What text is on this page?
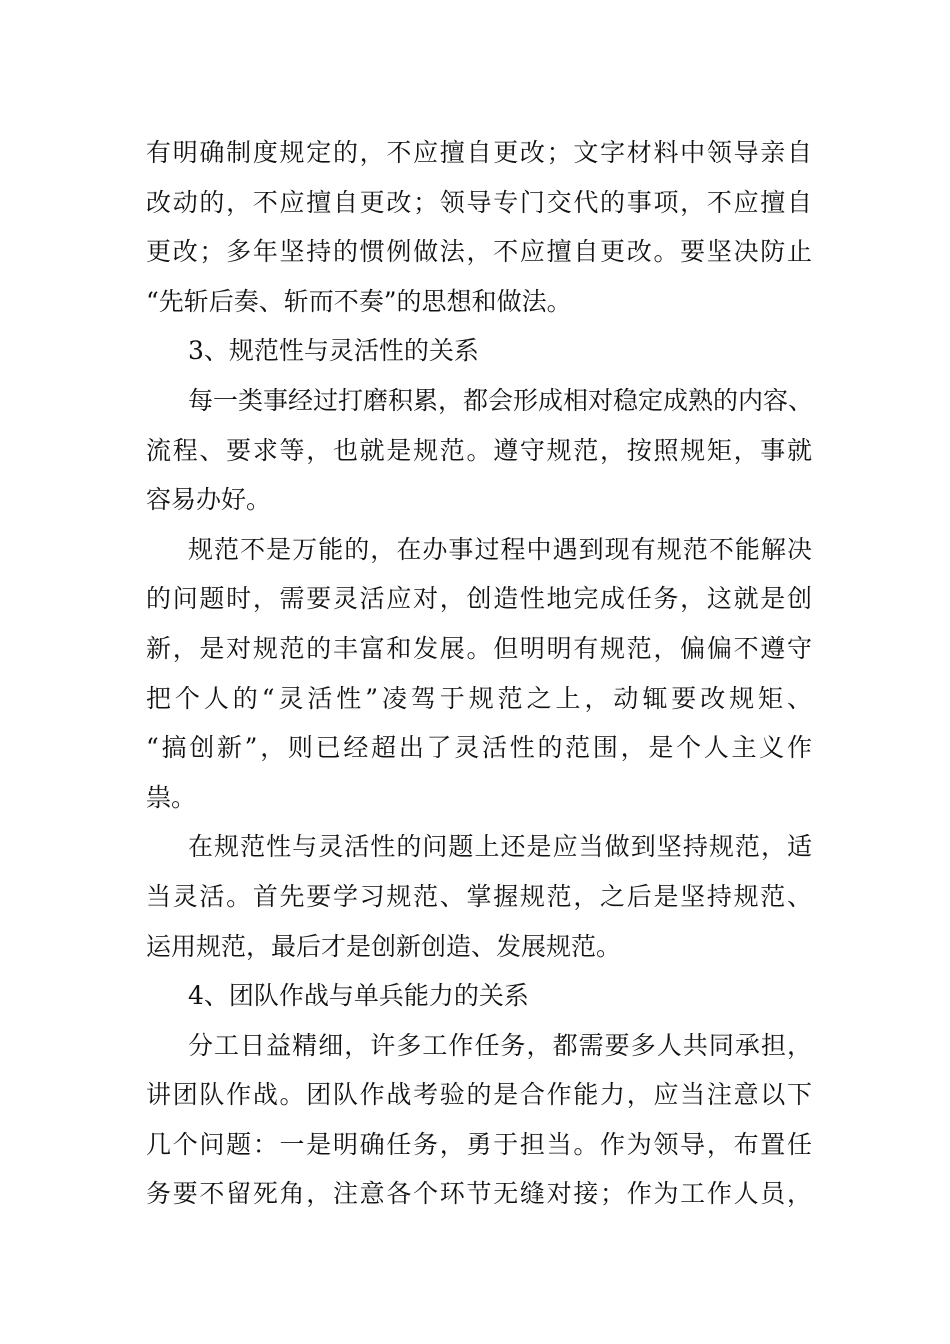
有明确制度规定的，不应擅自更改；文字材料中领导亲自
改动的，不应擅自更改；领导专门交代的事项，不应擅自
更改；多年坚持的惯例做法，不应擅自更改。要坚决防止
“先斩后奏、斩而不奏”的思想和做法。
3、规范性与灵活性的关系
每一类事经过打磨积累，都会形成相对稳定成熟的内容、
流程、要求等，也就是规范。遵守规范，按照规矩，事就
容易办好。
规范不是万能的，在办事过程中遇到现有规范不能解决
的问题时，需要灵活应对，创造性地完成任务，这就是创
新，是对规范的丰富和发展。但明明有规范，偏偏不遵守
把个人的“灵活性”凌驾于规范之上，动辄要改规矩、
“搞创新”，则已经超出了灵活性的范围，是个人主义作
祟。
在规范性与灵活性的问题上还是应当做到坚持规范，适
当灵活。首先要学习规范、掌握规范，之后是坚持规范、
运用规范，最后才是创新创造、发展规范。
4、团队作战与单兵能力的关系
分工日益精细，许多工作任务，都需要多人共同承担，
讲团队作战。团队作战考验的是合作能力，应当注意以下
几个问题：一是明确任务，勇于担当。作为领导，布置任
务要不留死角，注意各个环节无缝对接；作为工作人员，
